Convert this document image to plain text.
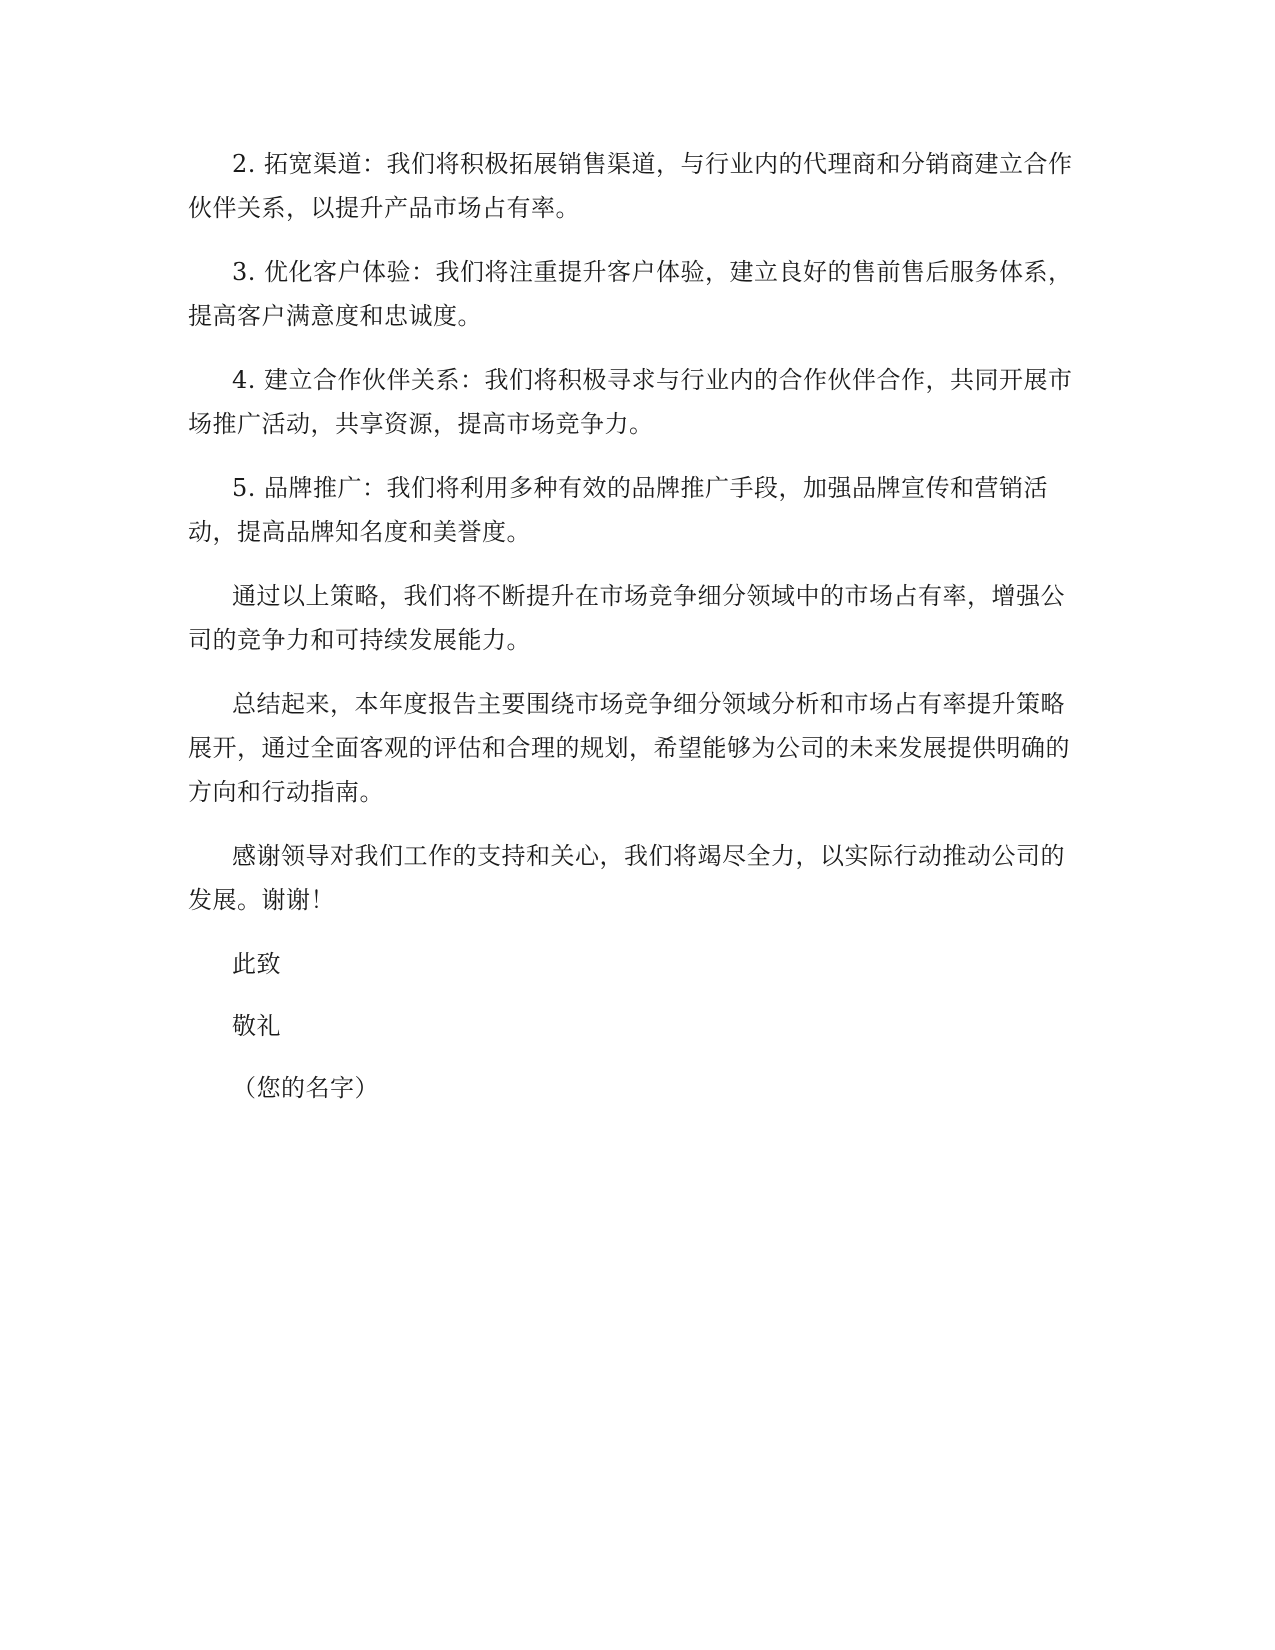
2. 拓宽渠道：我们将积极拓展销售渠道，与行业内的代理商和分销商建立合作伙伴关系，以提升产品市场占有率。

3. 优化客户体验：我们将注重提升客户体验，建立良好的售前售后服务体系，提高客户满意度和忠诚度。

4. 建立合作伙伴关系：我们将积极寻求与行业内的合作伙伴合作，共同开展市场推广活动，共享资源，提高市场竞争力。

5. 品牌推广：我们将利用多种有效的品牌推广手段，加强品牌宣传和营销活动，提高品牌知名度和美誉度。

通过以上策略，我们将不断提升在市场竞争细分领域中的市场占有率，增强公司的竞争力和可持续发展能力。

总结起来，本年度报告主要围绕市场竞争细分领域分析和市场占有率提升策略展开，通过全面客观的评估和合理的规划，希望能够为公司的未来发展提供明确的方向和行动指南。

感谢领导对我们工作的支持和关心，我们将竭尽全力，以实际行动推动公司的发展。谢谢！

此致

敬礼

（您的名字）
